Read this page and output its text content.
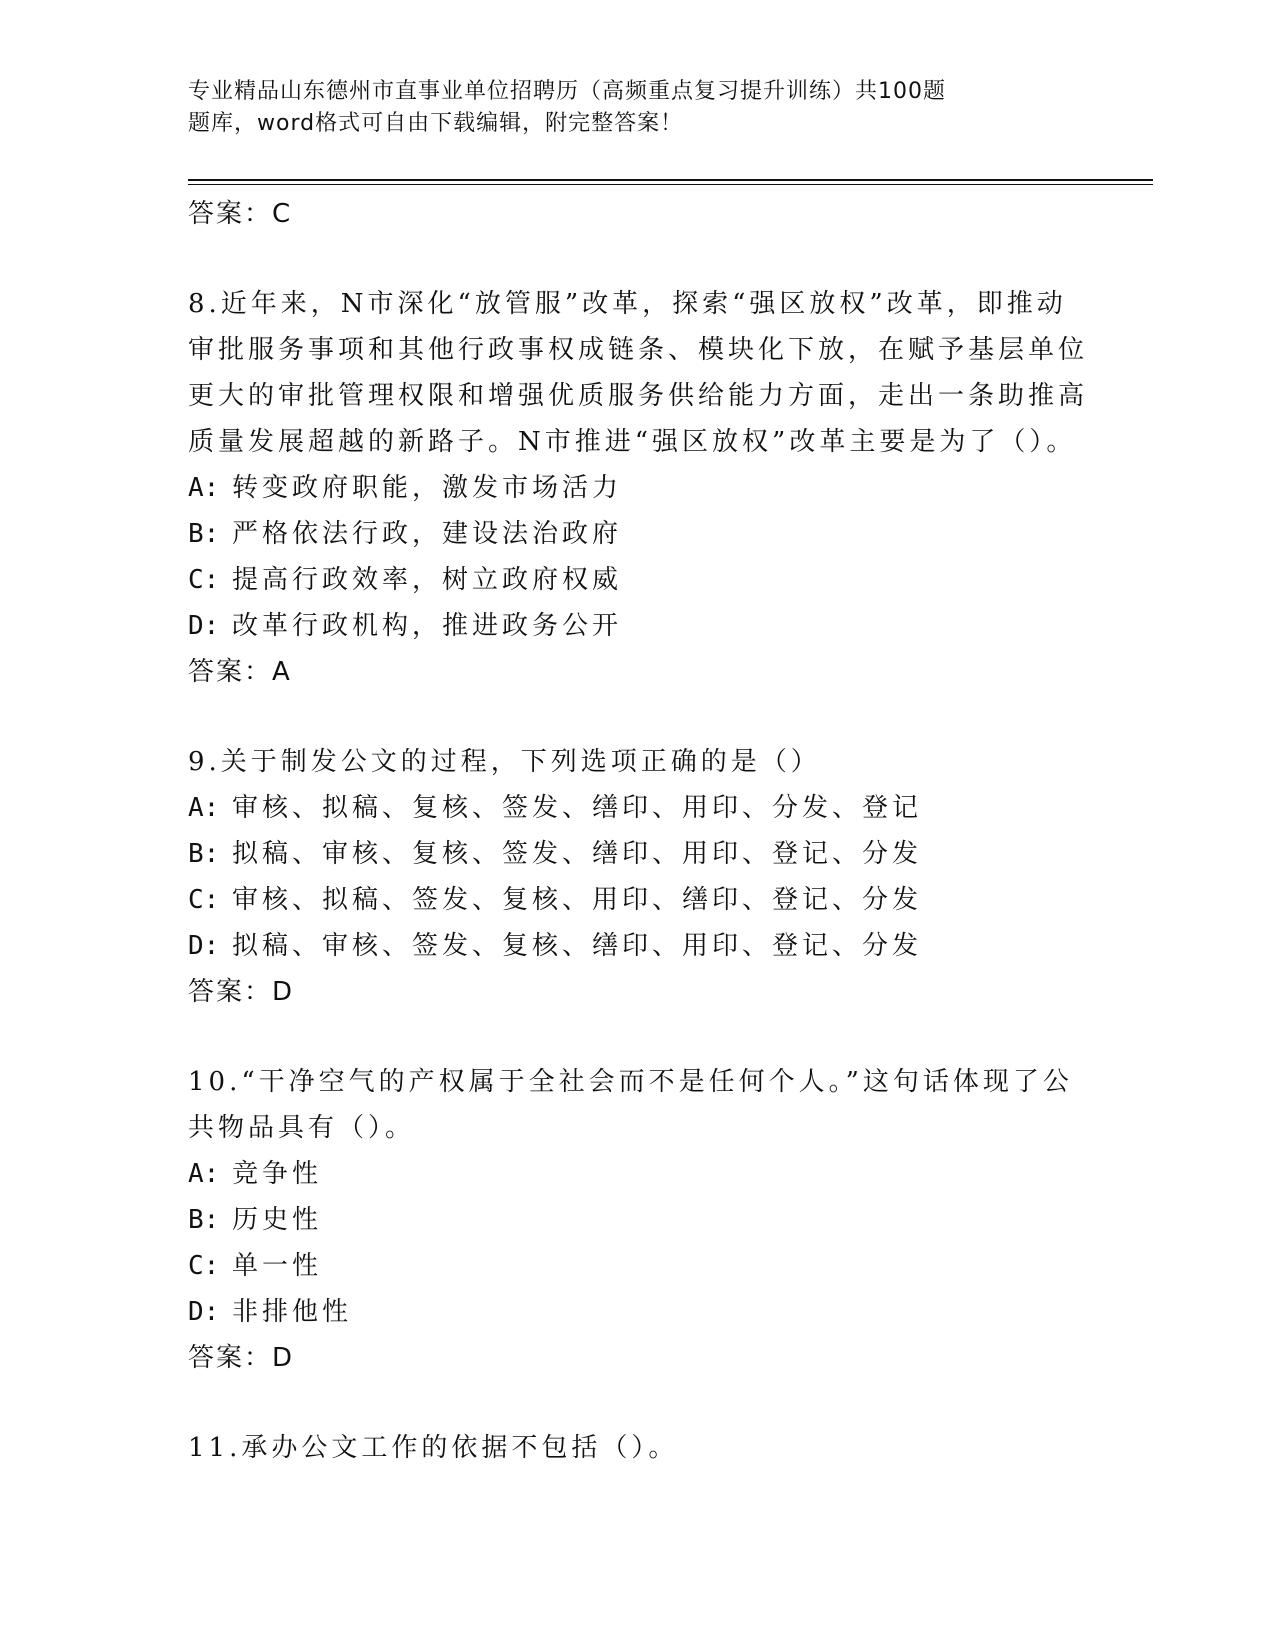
专业精品山东德州市直事业单位招聘历（高频重点复习提升训练）共100题
题库，word格式可自由下载编辑，附完整答案！
答案：C
8.近年来，N市深化“放管服”改革，探索“强区放权”改革，即推动
审批服务事项和其他行政事权成链条、模块化下放，在赋予基层单位
更大的审批管理权限和增强优质服务供给能力方面，走出一条助推高
质量发展超越的新路子。N市推进“强区放权”改革主要是为了（）。
A: 转变政府职能，激发市场活力
B: 严格依法行政，建设法治政府
C: 提高行政效率，树立政府权威
D: 改革行政机构，推进政务公开
答案：A
9.关于制发公文的过程，下列选项正确的是（）
A: 审核、拟稿、复核、签发、缮印、用印、分发、登记
B: 拟稿、审核、复核、签发、缮印、用印、登记、分发
C: 审核、拟稿、签发、复核、用印、缮印、登记、分发
D: 拟稿、审核、签发、复核、缮印、用印、登记、分发
答案：D
10.“干净空气的产权属于全社会而不是任何个人。”这句话体现了公
共物品具有（）。
A: 竞争性
B: 历史性
C: 单一性
D: 非排他性
答案：D
11.承办公文工作的依据不包括（）。
